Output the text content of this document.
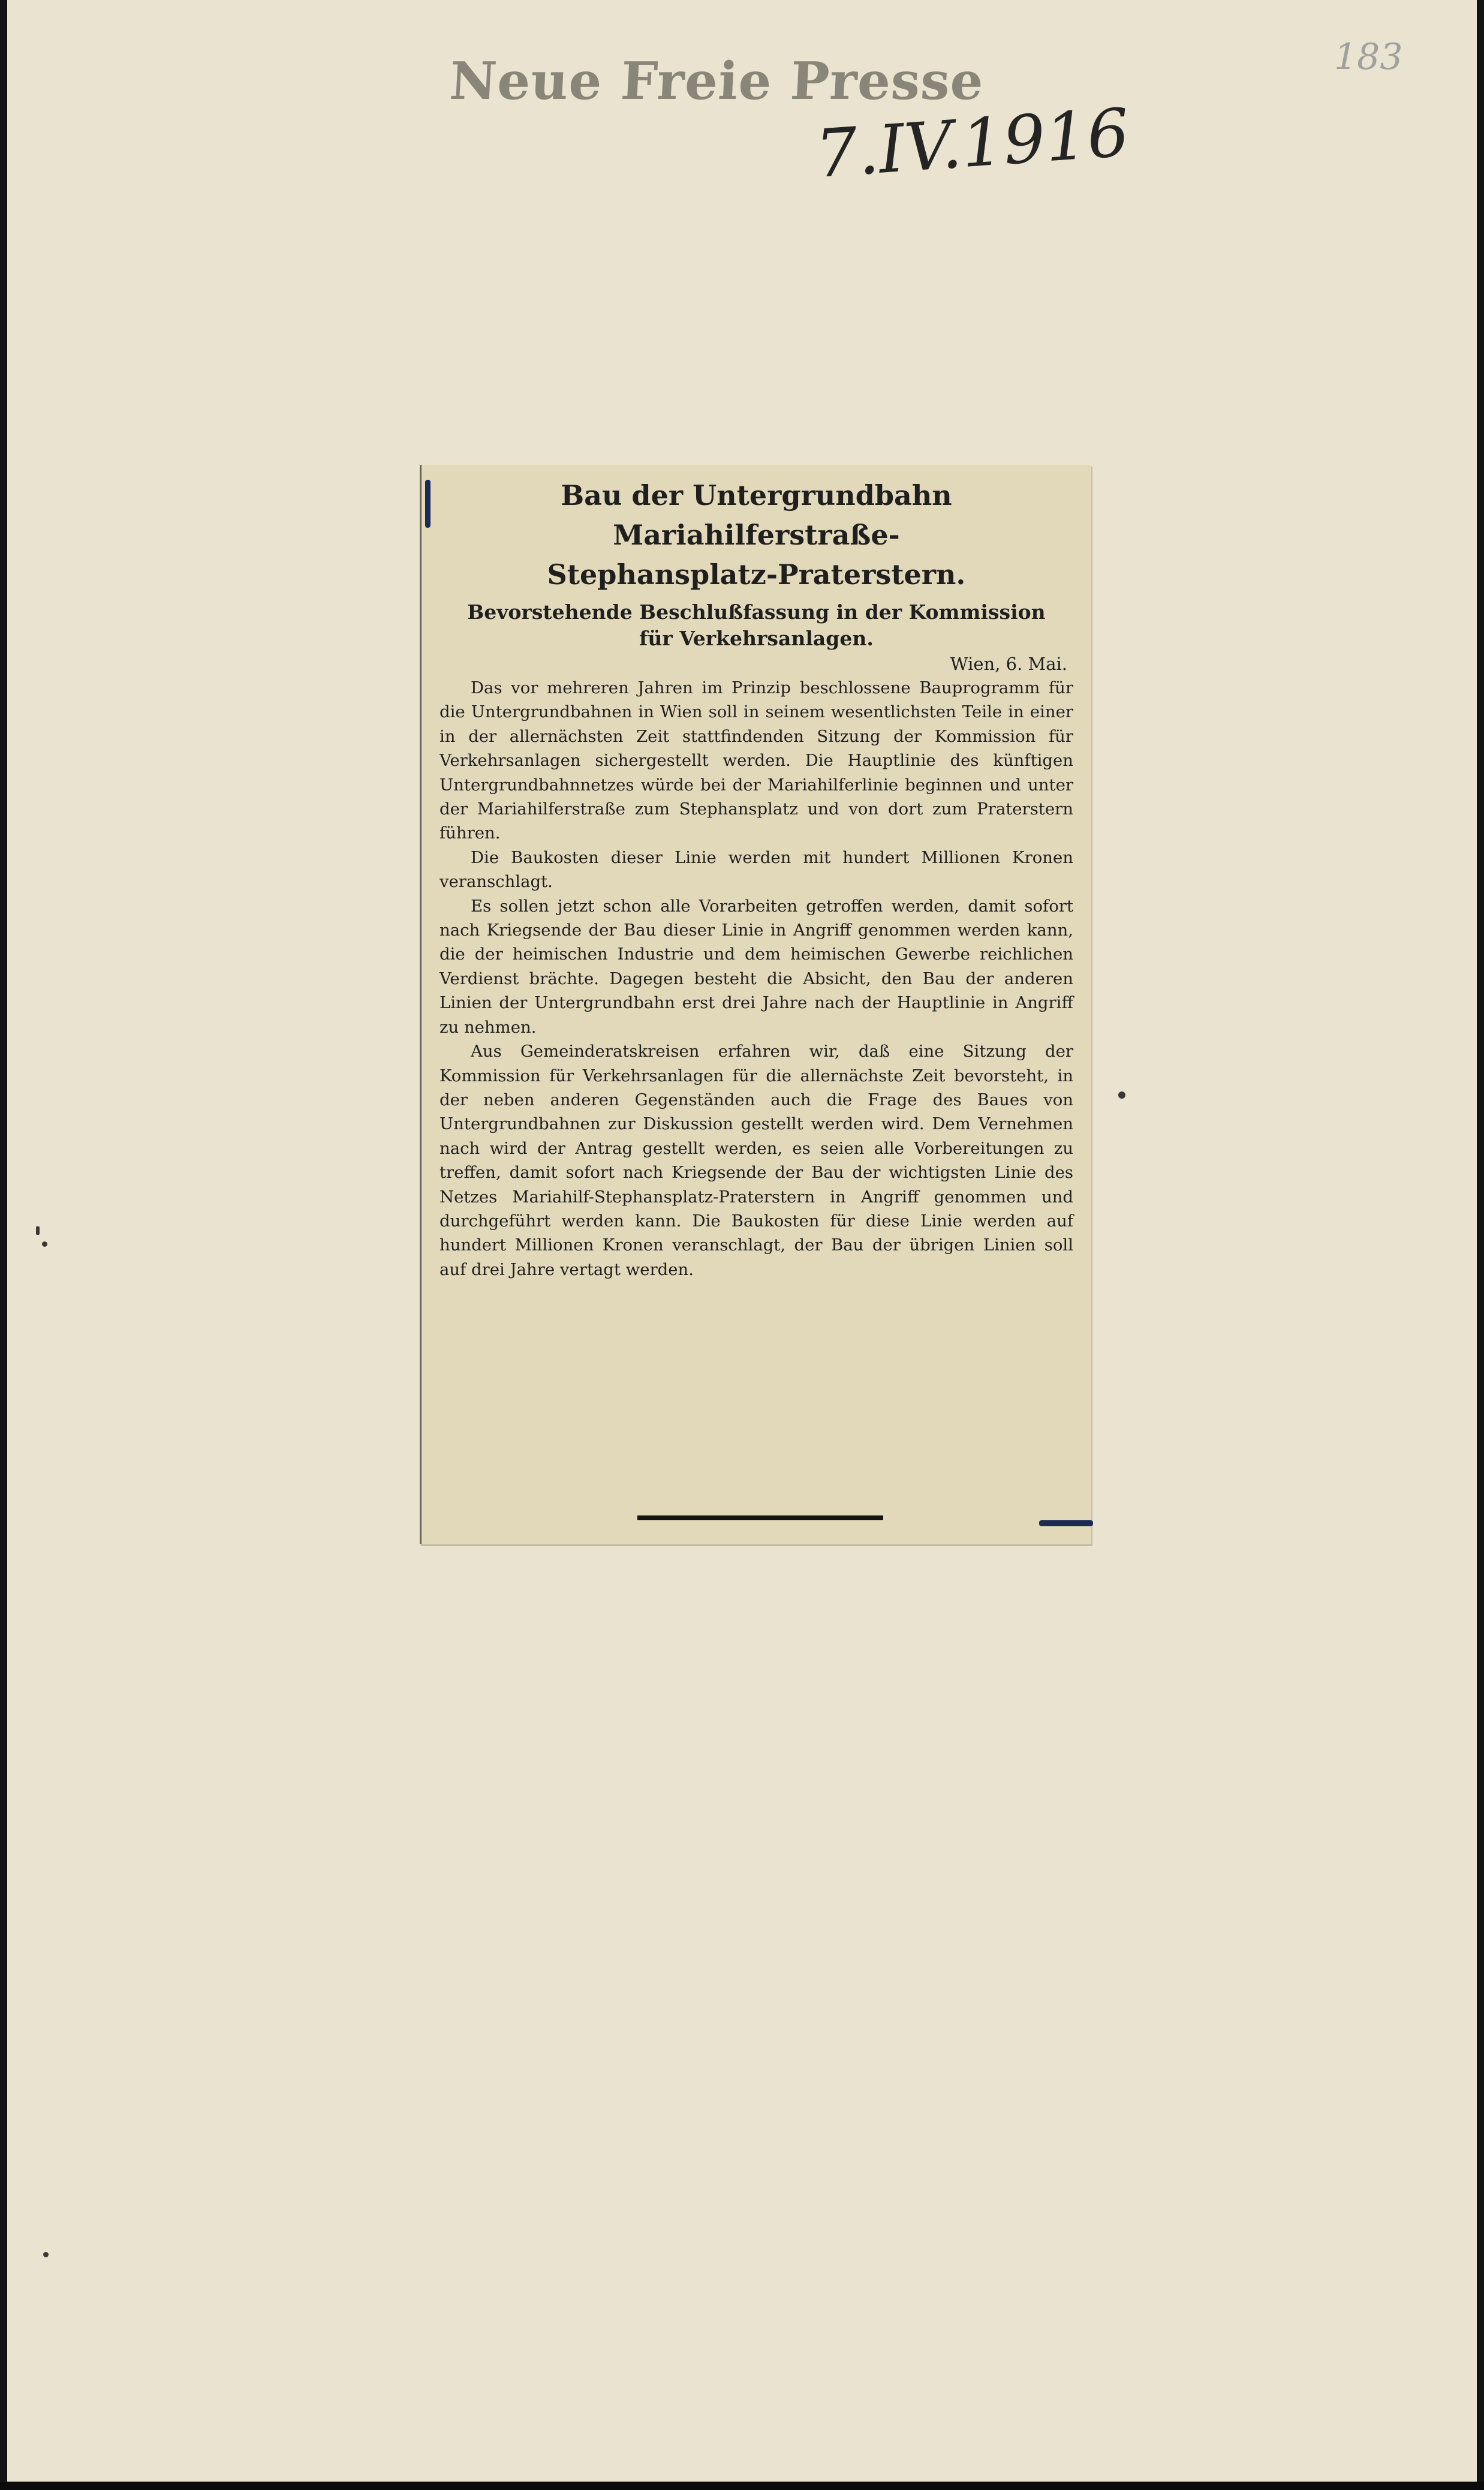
Neue Freie Presse
7.IV.1916
183
Bau der Untergrundbahn Mariahilferstraße-
Stephansplatz-Praterstern.
Bevorstehende Beschlußfassung in der Kommission
für Verkehrsanlagen.

Wien, 6. Mai.

Das vor mehreren Jahren im Prinzip beschlossene Bauprogramm für die Untergrundbahnen in Wien soll in seinem wesentlichsten Teile in einer in der allernächsten Zeit stattfindenden Sitzung der Kommission für Verkehrsanlagen sichergestellt werden. Die Hauptlinie des künftigen Untergrundbahnnetzes würde bei der Mariahilferlinie beginnen und unter der Mariahilferstraße zum Stephansplatz und von dort zum Praterstern führen.

Die Baukosten dieser Linie werden mit hundert Millionen Kronen veranschlagt.

Es sollen jetzt schon alle Vorarbeiten getroffen werden, damit sofort nach Kriegsende der Bau dieser Linie in Angriff genommen werden kann, die der heimischen Industrie und dem heimischen Gewerbe reichlichen Verdienst brächte. Dagegen besteht die Absicht, den Bau der anderen Linien der Untergrundbahn erst drei Jahre nach der Hauptlinie in Angriff zu nehmen.

Aus Gemeinderatskreisen erfahren wir, daß eine Sitzung der Kommission für Verkehrsanlagen für die allernächste Zeit bevorsteht, in der neben anderen Gegenständen auch die Frage des Baues von Untergrundbahnen zur Diskussion gestellt werden wird. Dem Vernehmen nach wird der Antrag gestellt werden, es seien alle Vorbereitungen zu treffen, damit sofort nach Kriegsende der Bau der wichtigsten Linie des Netzes Mariahilf-Stephansplatz-Praterstern in Angriff genommen und durchgeführt werden kann. Die Baukosten für diese Linie werden auf hundert Millionen Kronen veranschlagt, der Bau der übrigen Linien soll auf drei Jahre vertagt werden.
